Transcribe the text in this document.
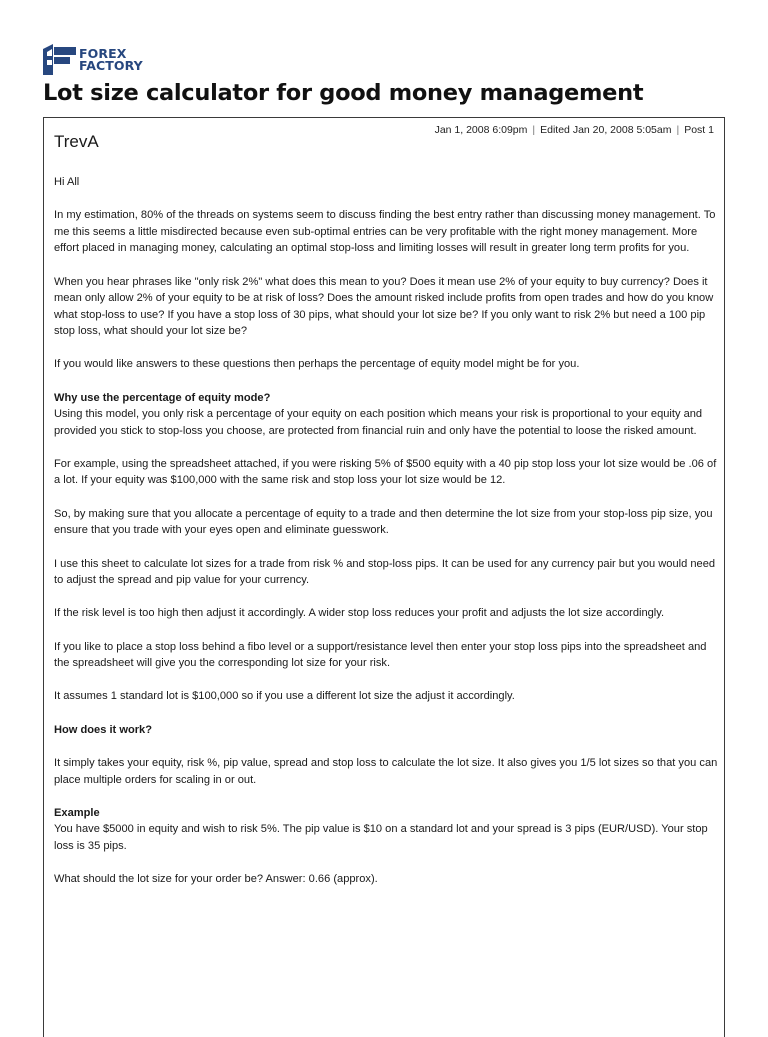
FOREX
FACTORY
Lot size calculator for good money management
TrevA
Jan 1, 2008 6:09pm | Edited Jan 20, 2008 5:05am | Post 1

Hi All

In my estimation, 80% of the threads on systems seem to discuss finding the best entry rather than discussing money management. To me this seems a little misdirected because even sub-optimal entries can be very profitable with the right money management. More effort placed in managing money, calculating an optimal stop-loss and limiting losses will result in greater long term profits for you.

When you hear phrases like "only risk 2%" what does this mean to you? Does it mean use 2% of your equity to buy currency? Does it mean only allow 2% of your equity to be at risk of loss? Does the amount risked include profits from open trades and how do you know what stop-loss to use? If you have a stop loss of 30 pips, what should your lot size be? If you only want to risk 2% but need a 100 pip stop loss, what should your lot size be?

If you would like answers to these questions then perhaps the percentage of equity model might be for you.

Why use the percentage of equity mode?

Using this model, you only risk a percentage of your equity on each position which means your risk is proportional to your equity and provided you stick to stop-loss you choose, are protected from financial ruin and only have the potential to loose the risked amount.

For example, using the spreadsheet attached, if you were risking 5% of $500 equity with a 40 pip stop loss your lot size would be .06 of a lot. If your equity was $100,000 with the same risk and stop loss your lot size would be 12.

So, by making sure that you allocate a percentage of equity to a trade and then determine the lot size from your stop-loss pip size, you ensure that you trade with your eyes open and eliminate guesswork.

I use this sheet to calculate lot sizes for a trade from risk % and stop-loss pips. It can be used for any currency pair but you would need to adjust the spread and pip value for your currency.

If the risk level is too high then adjust it accordingly. A wider stop loss reduces your profit and adjusts the lot size accordingly.

If you like to place a stop loss behind a fibo level or a support/resistance level then enter your stop loss pips into the spreadsheet and the spreadsheet will give you the corresponding lot size for your risk.

It assumes 1 standard lot is $100,000 so if you use a different lot size the adjust it accordingly.

How does it work?

It simply takes your equity, risk %, pip value, spread and stop loss to calculate the lot size. It also gives you 1/5 lot sizes so that you can place multiple orders for scaling in or out.

Example

You have $5000 in equity and wish to risk 5%. The pip value is $10 on a standard lot and your spread is 3 pips (EUR/USD). Your stop loss is 35 pips.

What should the lot size for your order be? Answer: 0.66 (approx).
